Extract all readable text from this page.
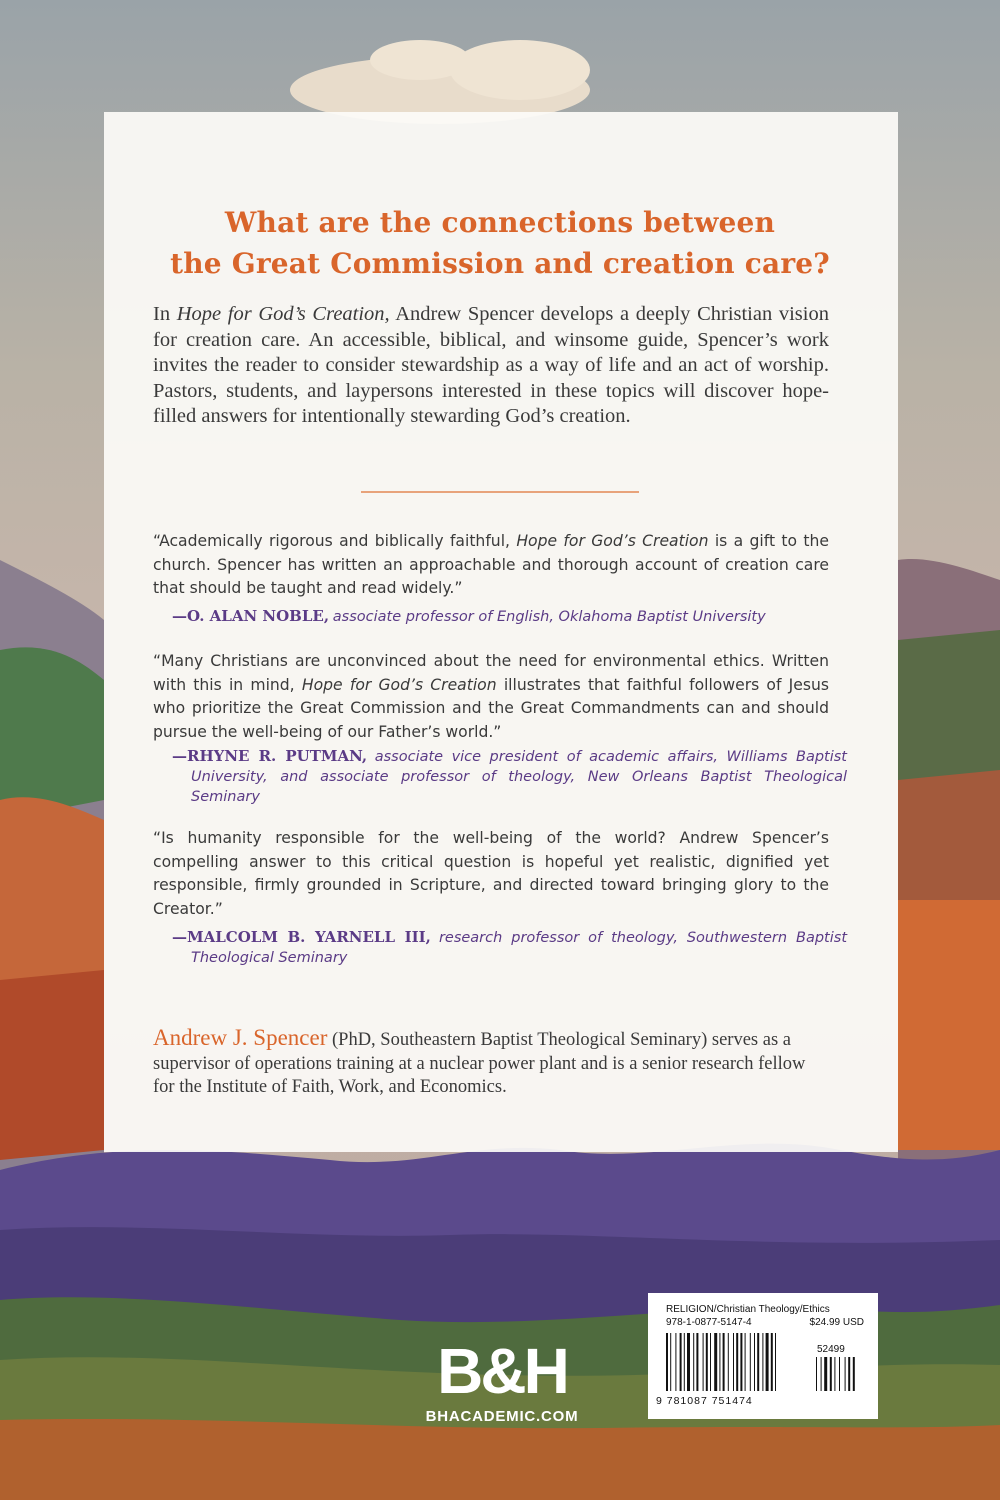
What are the connections between
the Great Commission and creation care?
In Hope for God’s Creation, Andrew Spencer develops a deeply Christian vision for creation care. An accessible, biblical, and winsome guide, Spencer’s work invites the reader to consider stewardship as a way of life and an act of worship. Pastors, students, and laypersons interested in these topics will discover hope-filled answers for intentionally stewarding God’s creation.
“Academically rigorous and biblically faithful, Hope for God’s Creation is a gift to the church. Spencer has written an approachable and thorough account of creation care that should be taught and read widely.”
—O. ALAN NOBLE, associate professor of English, Oklahoma Baptist University
“Many Christians are unconvinced about the need for environmental ethics. Written with this in mind, Hope for God’s Creation illustrates that faithful followers of Jesus who prioritize the Great Commission and the Great Commandments can and should pursue the well-being of our Father’s world.”
—RHYNE R. PUTMAN, associate vice president of academic affairs, Williams Baptist University, and associate professor of theology, New Orleans Baptist Theological Seminary
“Is humanity responsible for the well-being of the world? Andrew Spencer’s compelling answer to this critical question is hopeful yet realistic, dignified yet responsible, firmly grounded in Scripture, and directed toward bringing glory to the Creator.”
—MALCOLM B. YARNELL III, research professor of theology, Southwestern Baptist Theological Seminary
Andrew J. Spencer (PhD, Southeastern Baptist Theological Seminary) serves as a supervisor of operations training at a nuclear power plant and is a senior research fellow for the Institute of Faith, Work, and Economics.
B&H
BHACADEMIC.COM
RELIGION/Christian Theology/Ethics
978-1-0877-5147-4	$24.99 USD
52499
9 781087 751474
